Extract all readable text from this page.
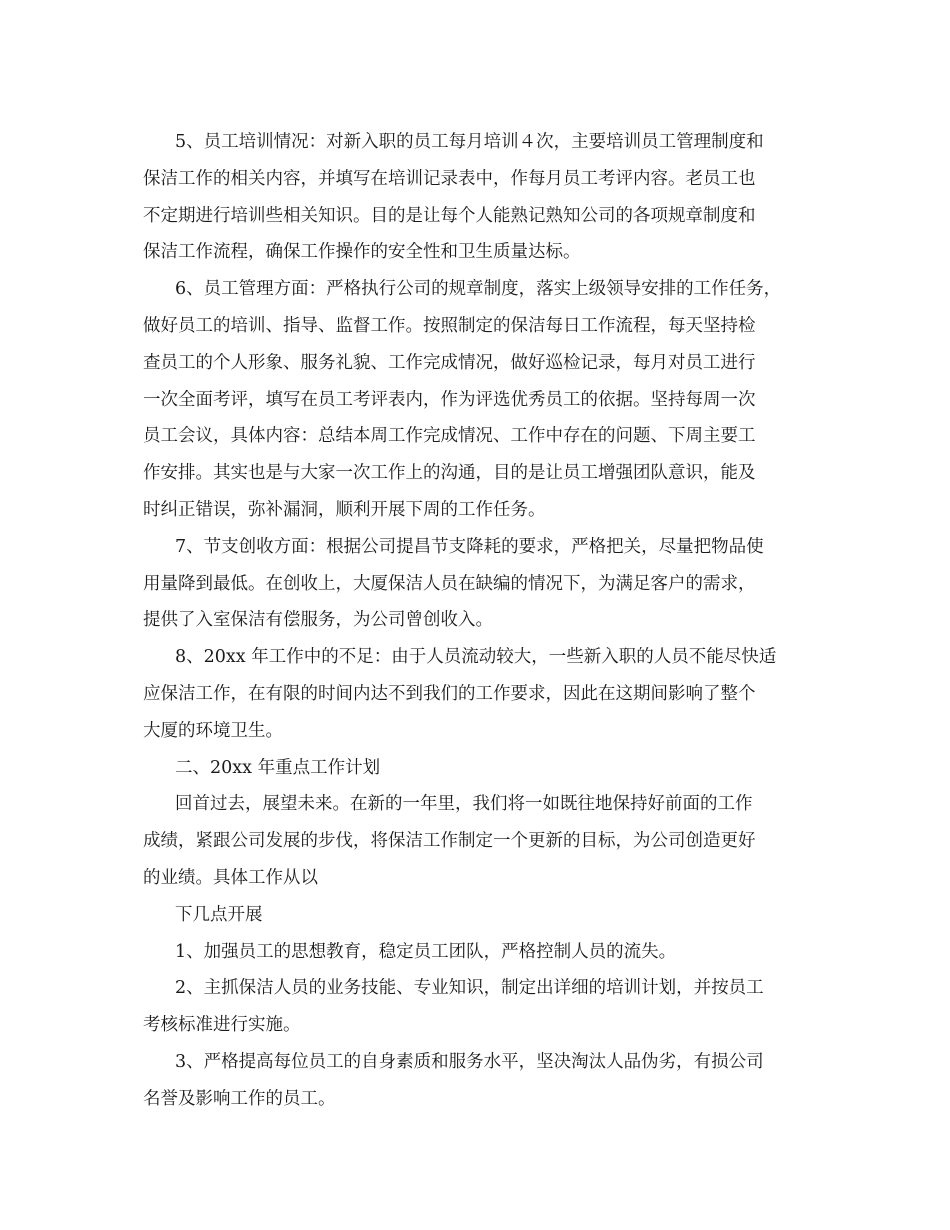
5、员工培训情况：对新入职的员工每月培训４次，主要培训员工管理制度和
保洁工作的相关内容，并填写在培训记录表中，作每月员工考评内容。老员工也
不定期进行培训些相关知识。目的是让每个人能熟记熟知公司的各项规章制度和
保洁工作流程，确保工作操作的安全性和卫生质量达标。
6、员工管理方面：严格执行公司的规章制度，落实上级领导安排的工作任务，
做好员工的培训、指导、监督工作。按照制定的保洁每日工作流程，每天坚持检
查员工的个人形象、服务礼貌、工作完成情况，做好巡检记录，每月对员工进行
一次全面考评，填写在员工考评表内，作为评选优秀员工的依据。坚持每周一次
员工会议，具体内容：总结本周工作完成情况、工作中存在的问题、下周主要工
作安排。其实也是与大家一次工作上的沟通，目的是让员工增强团队意识，能及
时纠正错误，弥补漏洞，顺利开展下周的工作任务。
7、节支创收方面：根据公司提昌节支降耗的要求，严格把关，尽量把物品使
用量降到最低。在创收上，大厦保洁人员在缺编的情况下，为满足客户的需求，
提供了入室保洁有偿服务，为公司曾创收入。
8、20xx 年工作中的不足：由于人员流动较大，一些新入职的人员不能尽快适
应保洁工作，在有限的时间内达不到我们的工作要求，因此在这期间影响了整个
大厦的环境卫生。
二、20xx 年重点工作计划
回首过去，展望未来。在新的一年里，我们将一如既往地保持好前面的工作
成绩，紧跟公司发展的步伐，将保洁工作制定一个更新的目标，为公司创造更好
的业绩。具体工作从以
下几点开展
1、加强员工的思想教育，稳定员工团队，严格控制人员的流失。
2、主抓保洁人员的业务技能、专业知识，制定出详细的培训计划，并按员工
考核标准进行实施。
3、严格提高每位员工的自身素质和服务水平，坚决淘汰人品伪劣，有损公司
名誉及影响工作的员工。
